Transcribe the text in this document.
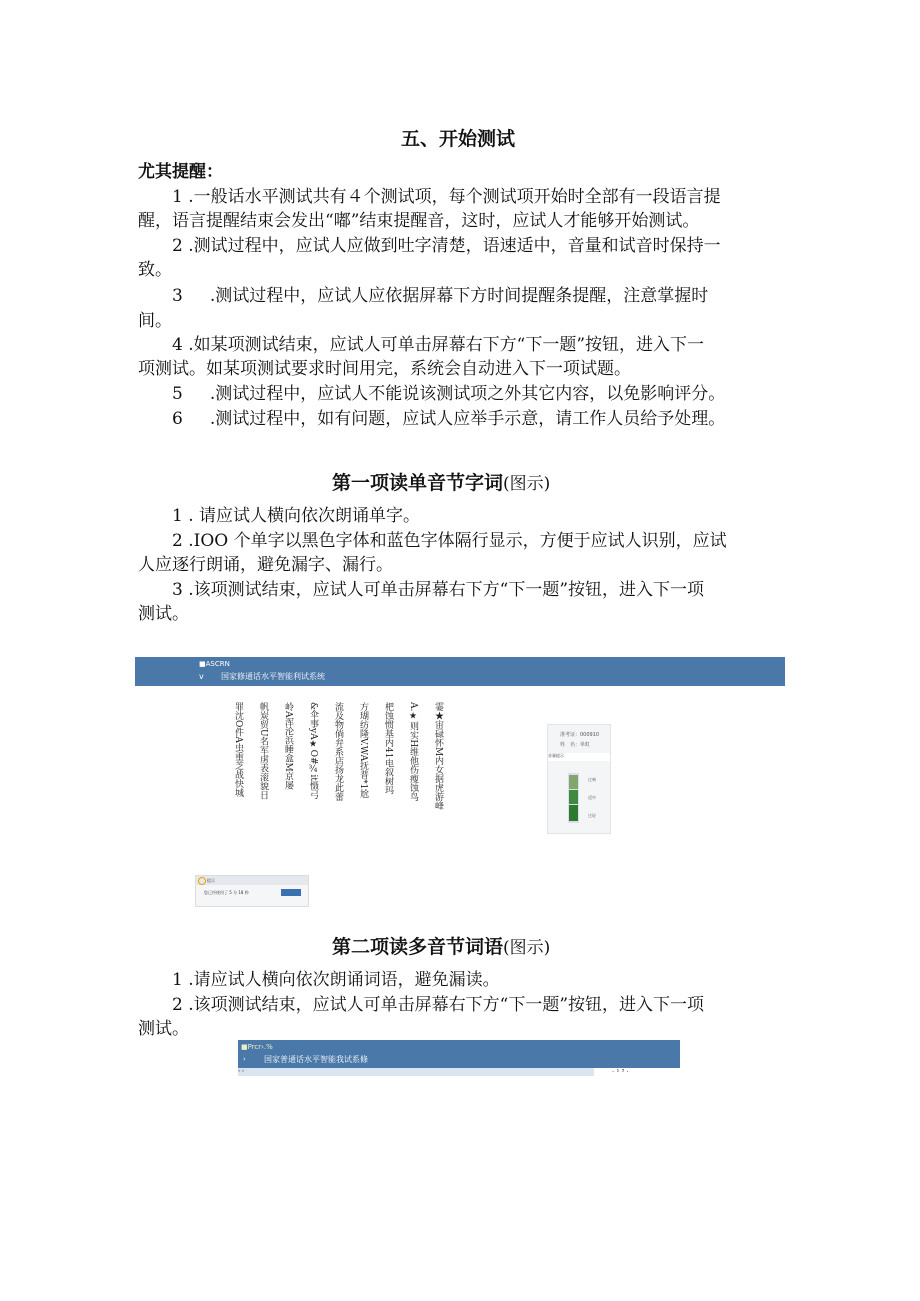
五、开始测试
尤其提醒：
1 .一般话水平测试共有４个测试项，每个测试项开始时全部有一段语言提
醒，语言提醒结束会发出“嘟”结束提醒音，这时，应试人才能够开始测试。
2 .测试过程中，应试人应做到吐字清楚，语速适中，音量和试音时保持一
致。
3 .测试过程中，应试人应依据屏幕下方时间提醒条提醒，注意掌握时
间。
4 .如某项测试结束，应试人可单击屏幕右下方“下一题”按钮，进入下一
项测试。如某项测试要求时间用完，系统会自动进入下一项试题。
5 .测试过程中，应试人不能说该测试项之外其它内容，以免影响评分。
6 .测试过程中，如有问题，应试人应举手示意，请工作人员给予处理。
第一项读单音节字词(图示)
1 . 请应试人横向依次朗诵单字。
2 .IOO 个单字以黑色字体和蓝色字体隔行显示，方便于应试人识别，应试
人应逐行朗诵，避免漏字、漏行。
3 .该项测试结束，应试人可单击屏幕右下方“下一题”按钮，进入下一项
测试。
■ASCRN
v 国家修通话水平智能利试系统
罪沈O件A虫重芝战快城 帆炭贸U名军虏表滚貌日 岭A浑沦浜睡盒M京屡 &伞事yA★O#¾it慑弓 流及物倘弁系店扬龙此蕾 方瑚纺隆V.WA抚普*1尬 杷蚀惯基内41电叙树玛 A.★则实H维他伤瘦蚀鸟 霎★宙碌怀M内女据虎游峰	准考证：000910
姓　名：单虹
音量提示
过响
适中
过轻
提示
您已经使用了 5 分 18 秒
第二项读多音节词语(图示)
1 .请应试人横向依次朗诵词语，避免漏读。
2 .该项测试结束，应试人可单击屏幕右下方“下一题”按钮，进入下一项
测试。
■Prcr›.%
› 国家普通话水平智能我试系條
« «	· ¹ ³ ·
